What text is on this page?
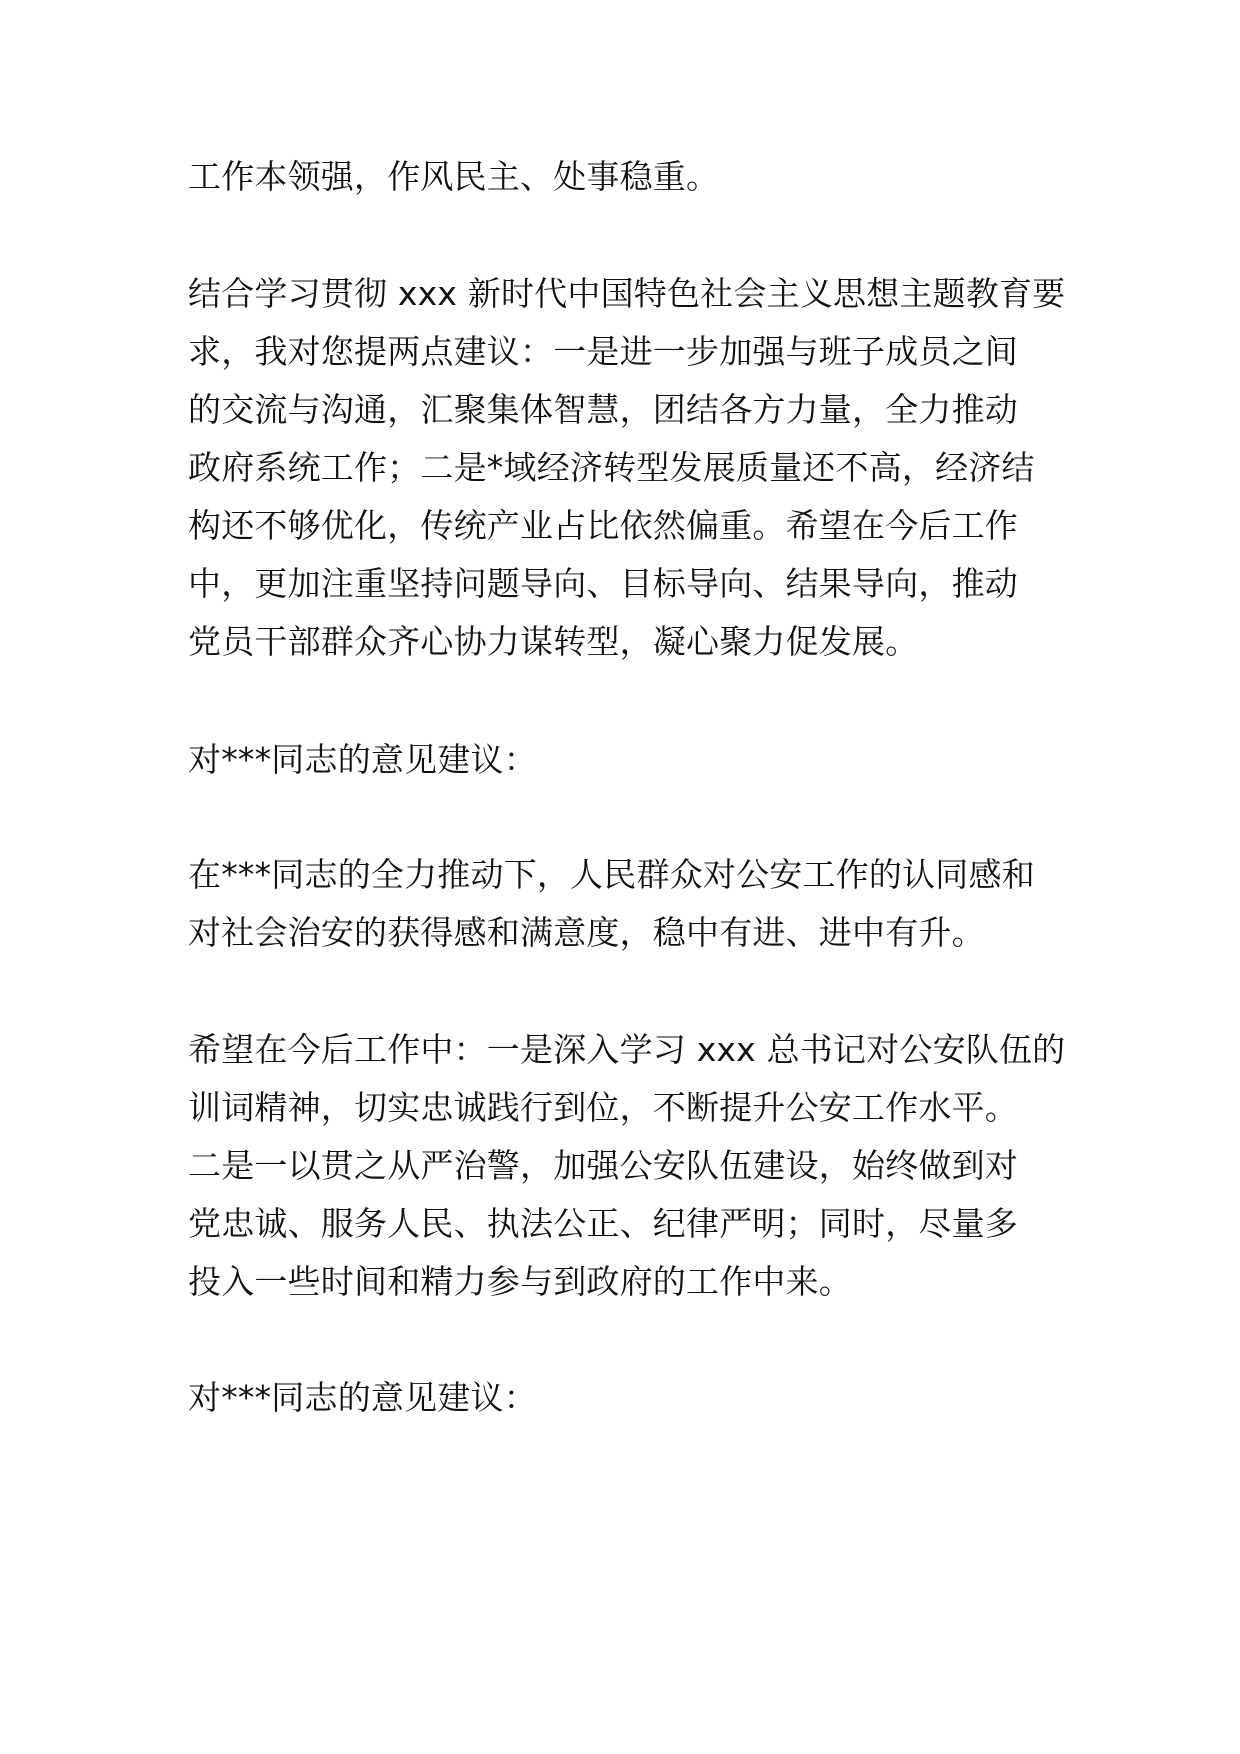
工作本领强，作风民主、处事稳重。

结合学习贯彻 xxx 新时代中国特色社会主义思想主题教育要

求，我对您提两点建议：一是进一步加强与班子成员之间

的交流与沟通，汇聚集体智慧，团结各方力量，全力推动

政府系统工作；二是*域经济转型发展质量还不高，经济结

构还不够优化，传统产业占比依然偏重。希望在今后工作

中，更加注重坚持问题导向、目标导向、结果导向，推动

党员干部群众齐心协力谋转型，凝心聚力促发展。

对***同志的意见建议：

在***同志的全力推动下，人民群众对公安工作的认同感和

对社会治安的获得感和满意度，稳中有进、进中有升。

希望在今后工作中：一是深入学习 xxx 总书记对公安队伍的

训词精神，切实忠诚践行到位，不断提升公安工作水平。

二是一以贯之从严治警，加强公安队伍建设，始终做到对

党忠诚、服务人民、执法公正、纪律严明；同时，尽量多

投入一些时间和精力参与到政府的工作中来。

对***同志的意见建议：
